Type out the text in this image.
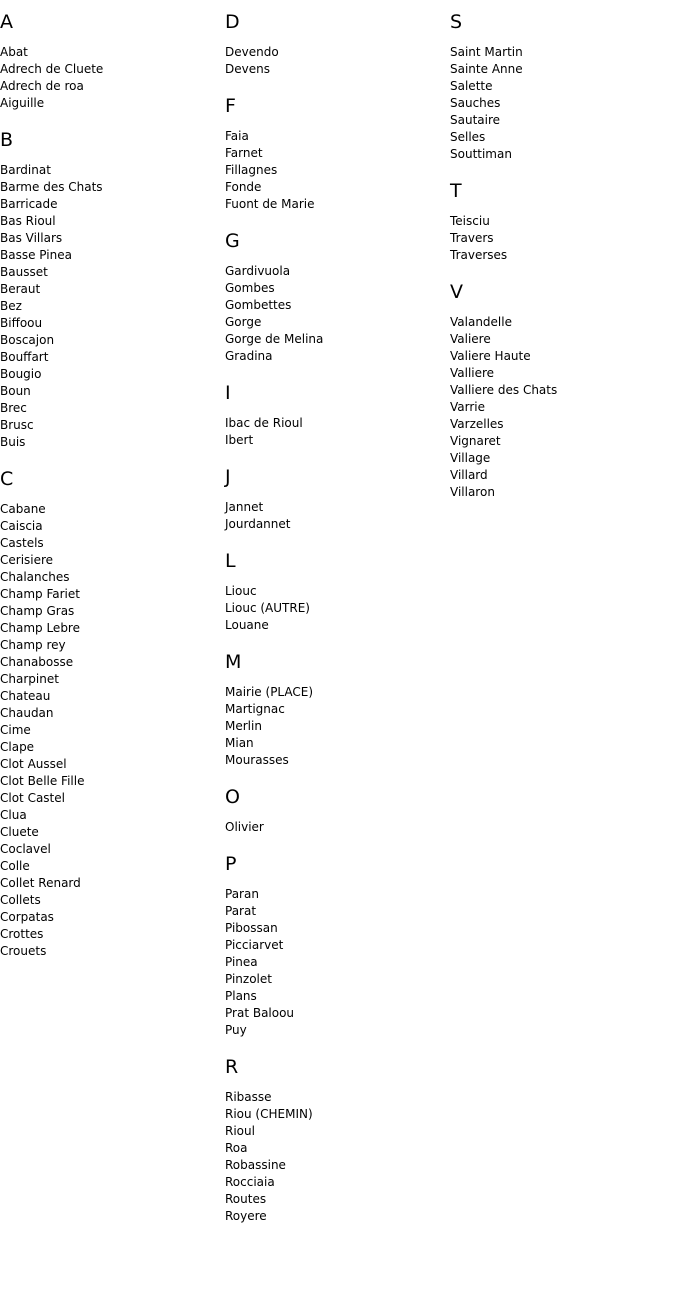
A
Abat
Adrech de Cluete
Adrech de roa
Aiguille
B
Bardinat
Barme des Chats
Barricade
Bas Rioul
Bas Villars
Basse Pinea
Bausset
Beraut
Bez
Biffoou
Boscajon
Bouffart
Bougio
Boun
Brec
Brusc
Buis
C
Cabane
Caiscia
Castels
Cerisiere
Chalanches
Champ Fariet
Champ Gras
Champ Lebre
Champ rey
Chanabosse
Charpinet
Chateau
Chaudan
Cime
Clape
Clot Aussel
Clot Belle Fille
Clot Castel
Clua
Cluete
Coclavel
Colle
Collet Renard
Collets
Corpatas
Crottes
Crouets
D
Devendo
Devens
F
Faia
Farnet
Fillagnes
Fonde
Fuont de Marie
G
Gardivuola
Gombes
Gombettes
Gorge
Gorge de Melina
Gradina
I
Ibac de Rioul
Ibert
J
Jannet
Jourdannet
L
Liouc
Liouc (AUTRE)
Louane
M
Mairie (PLACE)
Martignac
Merlin
Mian
Mourasses
O
Olivier
P
Paran
Parat
Pibossan
Picciarvet
Pinea
Pinzolet
Plans
Prat Baloou
Puy
R
Ribasse
Riou (CHEMIN)
Rioul
Roa
Robassine
Rocciaia
Routes
Royere
S
Saint Martin
Sainte Anne
Salette
Sauches
Sautaire
Selles
Souttiman
T
Teisciu
Travers
Traverses
V
Valandelle
Valiere
Valiere Haute
Valliere
Valliere des Chats
Varrie
Varzelles
Vignaret
Village
Villard
Villaron
